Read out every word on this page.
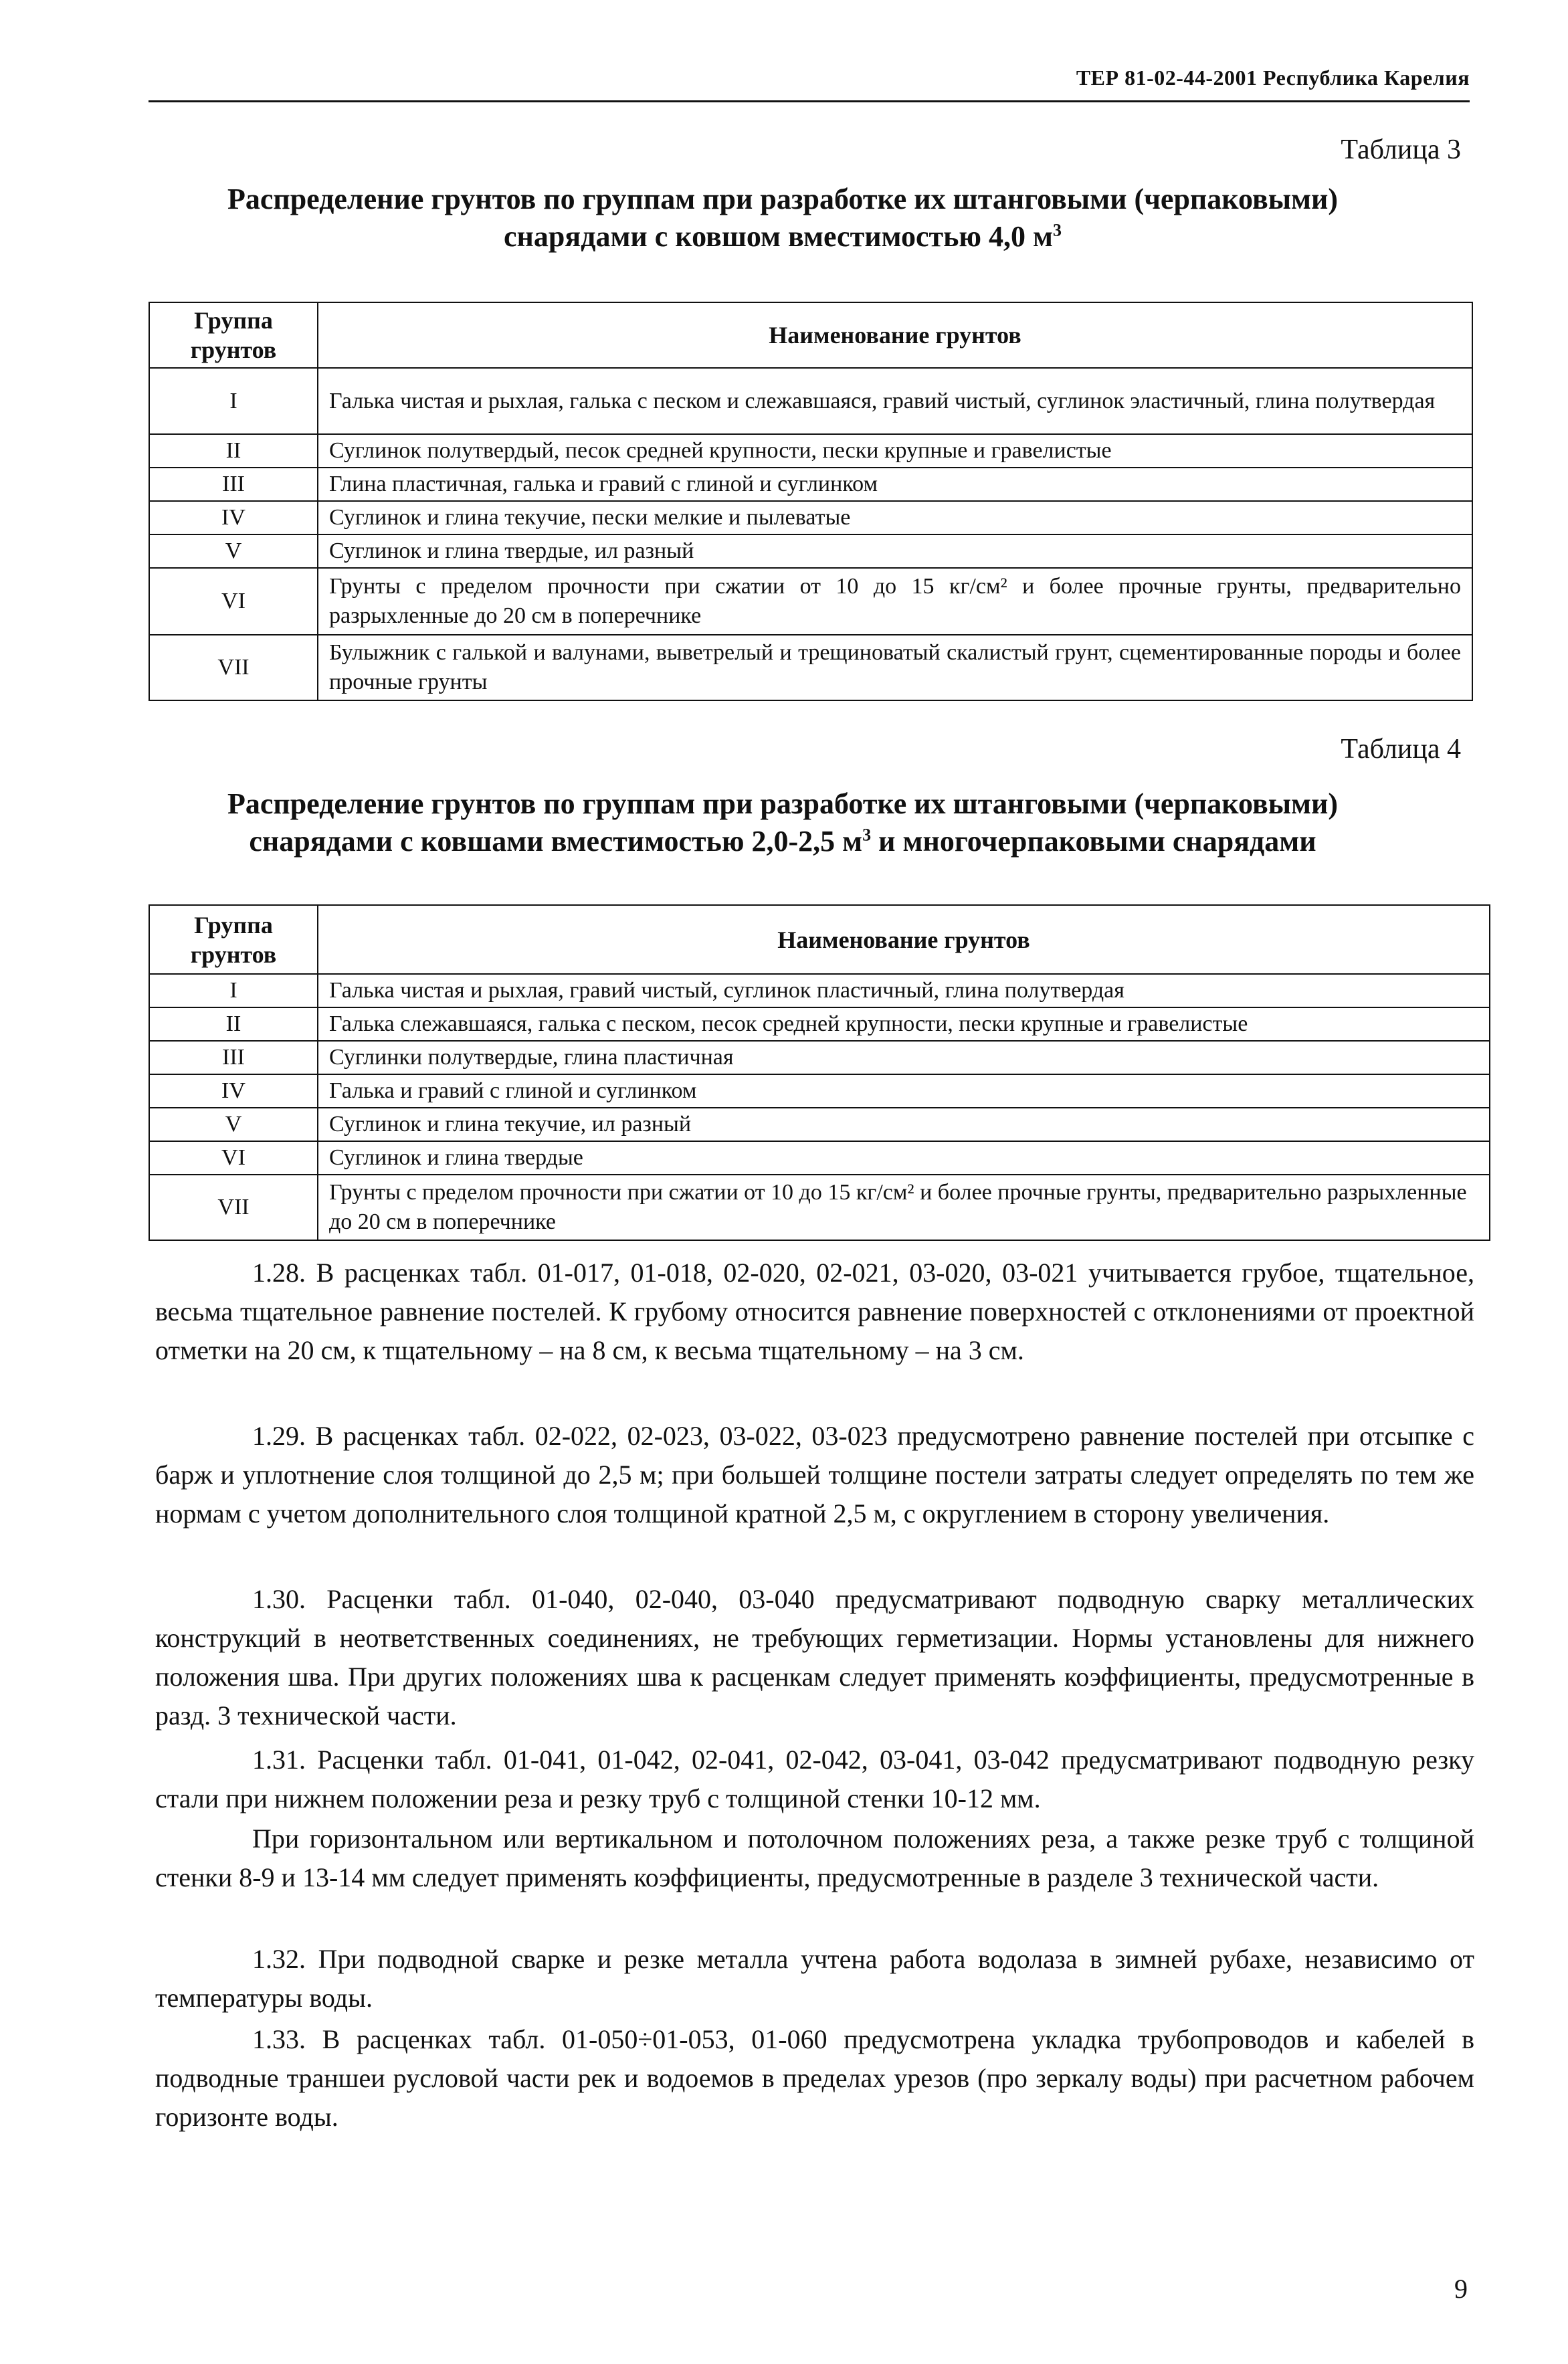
ТЕР 81-02-44-2001 Республика Карелия
Таблица 3
Распределение грунтов по группам при разработке их штанговыми (черпаковыми)
снарядами с ковшом вместимостью 4,0 $м^3$
Группа грунтов	Наименование грунтов
I	Галька чистая и рыхлая, галька с песком и слежавшаяся, гравий чистый, суглинок эластичный, глина полутвердая
II	Суглинок полутвердый, песок средней крупности, пески крупные и гравелистые
III	Глина пластичная, галька и гравий с глиной и суглинком
IV	Суглинок и глина текучие, пески мелкие и пылеватые
V	Суглинок и глина твердые, ил разный
VI	Грунты с пределом прочности при сжатии от 10 до 15 кг/см² и более прочные грунты, предварительно разрыхленные до 20 см в поперечнике
VII	Булыжник с галькой и валунами, выветрелый и трещиноватый скалистый грунт, сцементированные породы и более прочные грунты
Таблица 4
Распределение грунтов по группам при разработке их штанговыми (черпаковыми)
снарядами с ковшами вместимостью 2,0-2,5 $м^3$ и многочерпаковыми снарядами
Группа грунтов	Наименование грунтов
I	Галька чистая и рыхлая, гравий чистый, суглинок пластичный, глина полутвердая
II	Галька слежавшаяся, галька с песком, песок средней крупности, пески крупные и гравелистые
III	Суглинки полутвердые, глина пластичная
IV	Галька и гравий с глиной и суглинком
V	Суглинок и глина текучие, ил разный
VI	Суглинок и глина твердые
VII	Грунты с пределом прочности при сжатии от 10 до 15 кг/см² и более прочные грунты, предварительно разрыхленные до 20 см в поперечнике
1.28. В расценках табл. 01-017, 01-018, 02-020, 02-021, 03-020, 03-021 учитывается грубое, тщательное, весьма тщательное равнение постелей. К грубому относится равнение поверхностей с отклонениями от проектной отметки на 20 см, к тщательному – на 8 см, к весьма тщательному – на 3 см.
1.29. В расценках табл. 02-022, 02-023, 03-022, 03-023 предусмотрено равнение постелей при отсыпке с барж и уплотнение слоя толщиной до 2,5 м; при большей толщине постели затраты следует определять по тем же нормам с учетом дополнительного слоя толщиной кратной 2,5 м, с округлением в сторону увеличения.
1.30. Расценки табл. 01-040, 02-040, 03-040 предусматривают подводную сварку металлических конструкций в неответственных соединениях, не требующих герметизации. Нормы установлены для нижнего положения шва. При других положениях шва к расценкам следует применять коэффициенты, предусмотренные в разд. 3 технической части.
1.31. Расценки табл. 01-041, 01-042, 02-041, 02-042, 03-041, 03-042 предусматривают подводную резку стали при нижнем положении реза и резку труб с толщиной стенки 10-12 мм.
При горизонтальном или вертикальном и потолочном положениях реза, а также резке труб с толщиной стенки 8-9 и 13-14 мм следует применять коэффициенты, предусмотренные в разделе 3 технической части.
1.32. При подводной сварке и резке металла учтена работа водолаза в зимней рубахе, независимо от температуры воды.
1.33. В расценках табл. 01-050÷01-053, 01-060 предусмотрена укладка трубопроводов и кабелей в подводные траншеи русловой части рек и водоемов в пределах урезов (про зеркалу воды) при расчетном рабочем горизонте воды.
9
